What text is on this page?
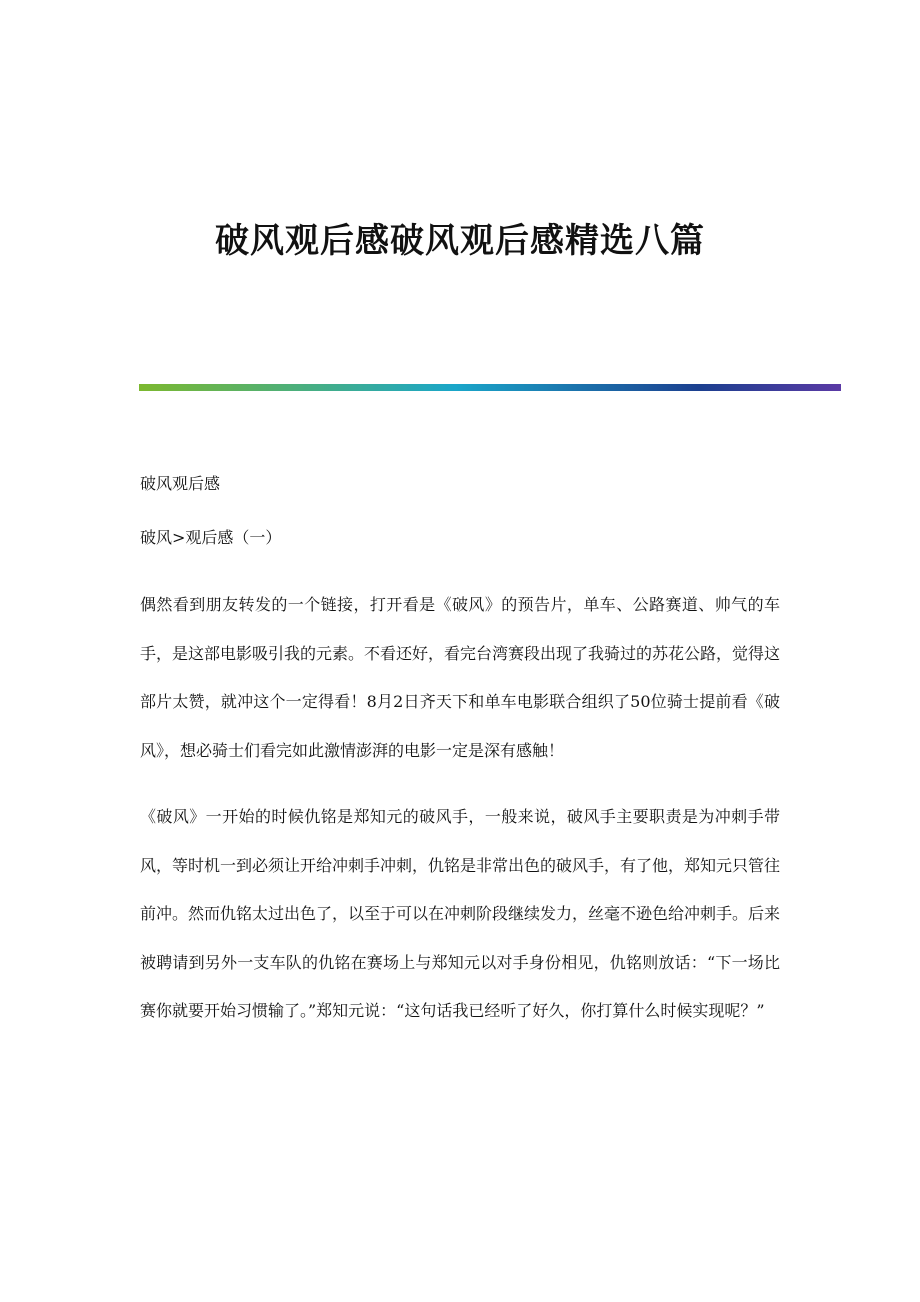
破风观后感破风观后感精选八篇

破风观后感

破风>观后感（一）

偶然看到朋友转发的一个链接，打开看是《破风》的预告片，单车、公路赛道、帅气的车手，是这部电影吸引我的元素。不看还好，看完台湾赛段出现了我骑过的苏花公路，觉得这部片太赞，就冲这个一定得看！8月2日齐天下和单车电影联合组织了50位骑士提前看《破风》，想必骑士们看完如此激情澎湃的电影一定是深有感触！

《破风》一开始的时候仇铭是郑知元的破风手，一般来说，破风手主要职责是为冲刺手带风，等时机一到必须让开给冲刺手冲刺，仇铭是非常出色的破风手，有了他，郑知元只管往前冲。然而仇铭太过出色了，以至于可以在冲刺阶段继续发力，丝毫不逊色给冲刺手。后来被聘请到另外一支车队的仇铭在赛场上与郑知元以对手身份相见，仇铭则放话：“下一场比赛你就要开始习惯输了。”郑知元说：“这句话我已经听了好久，你打算什么时候实现呢？”
